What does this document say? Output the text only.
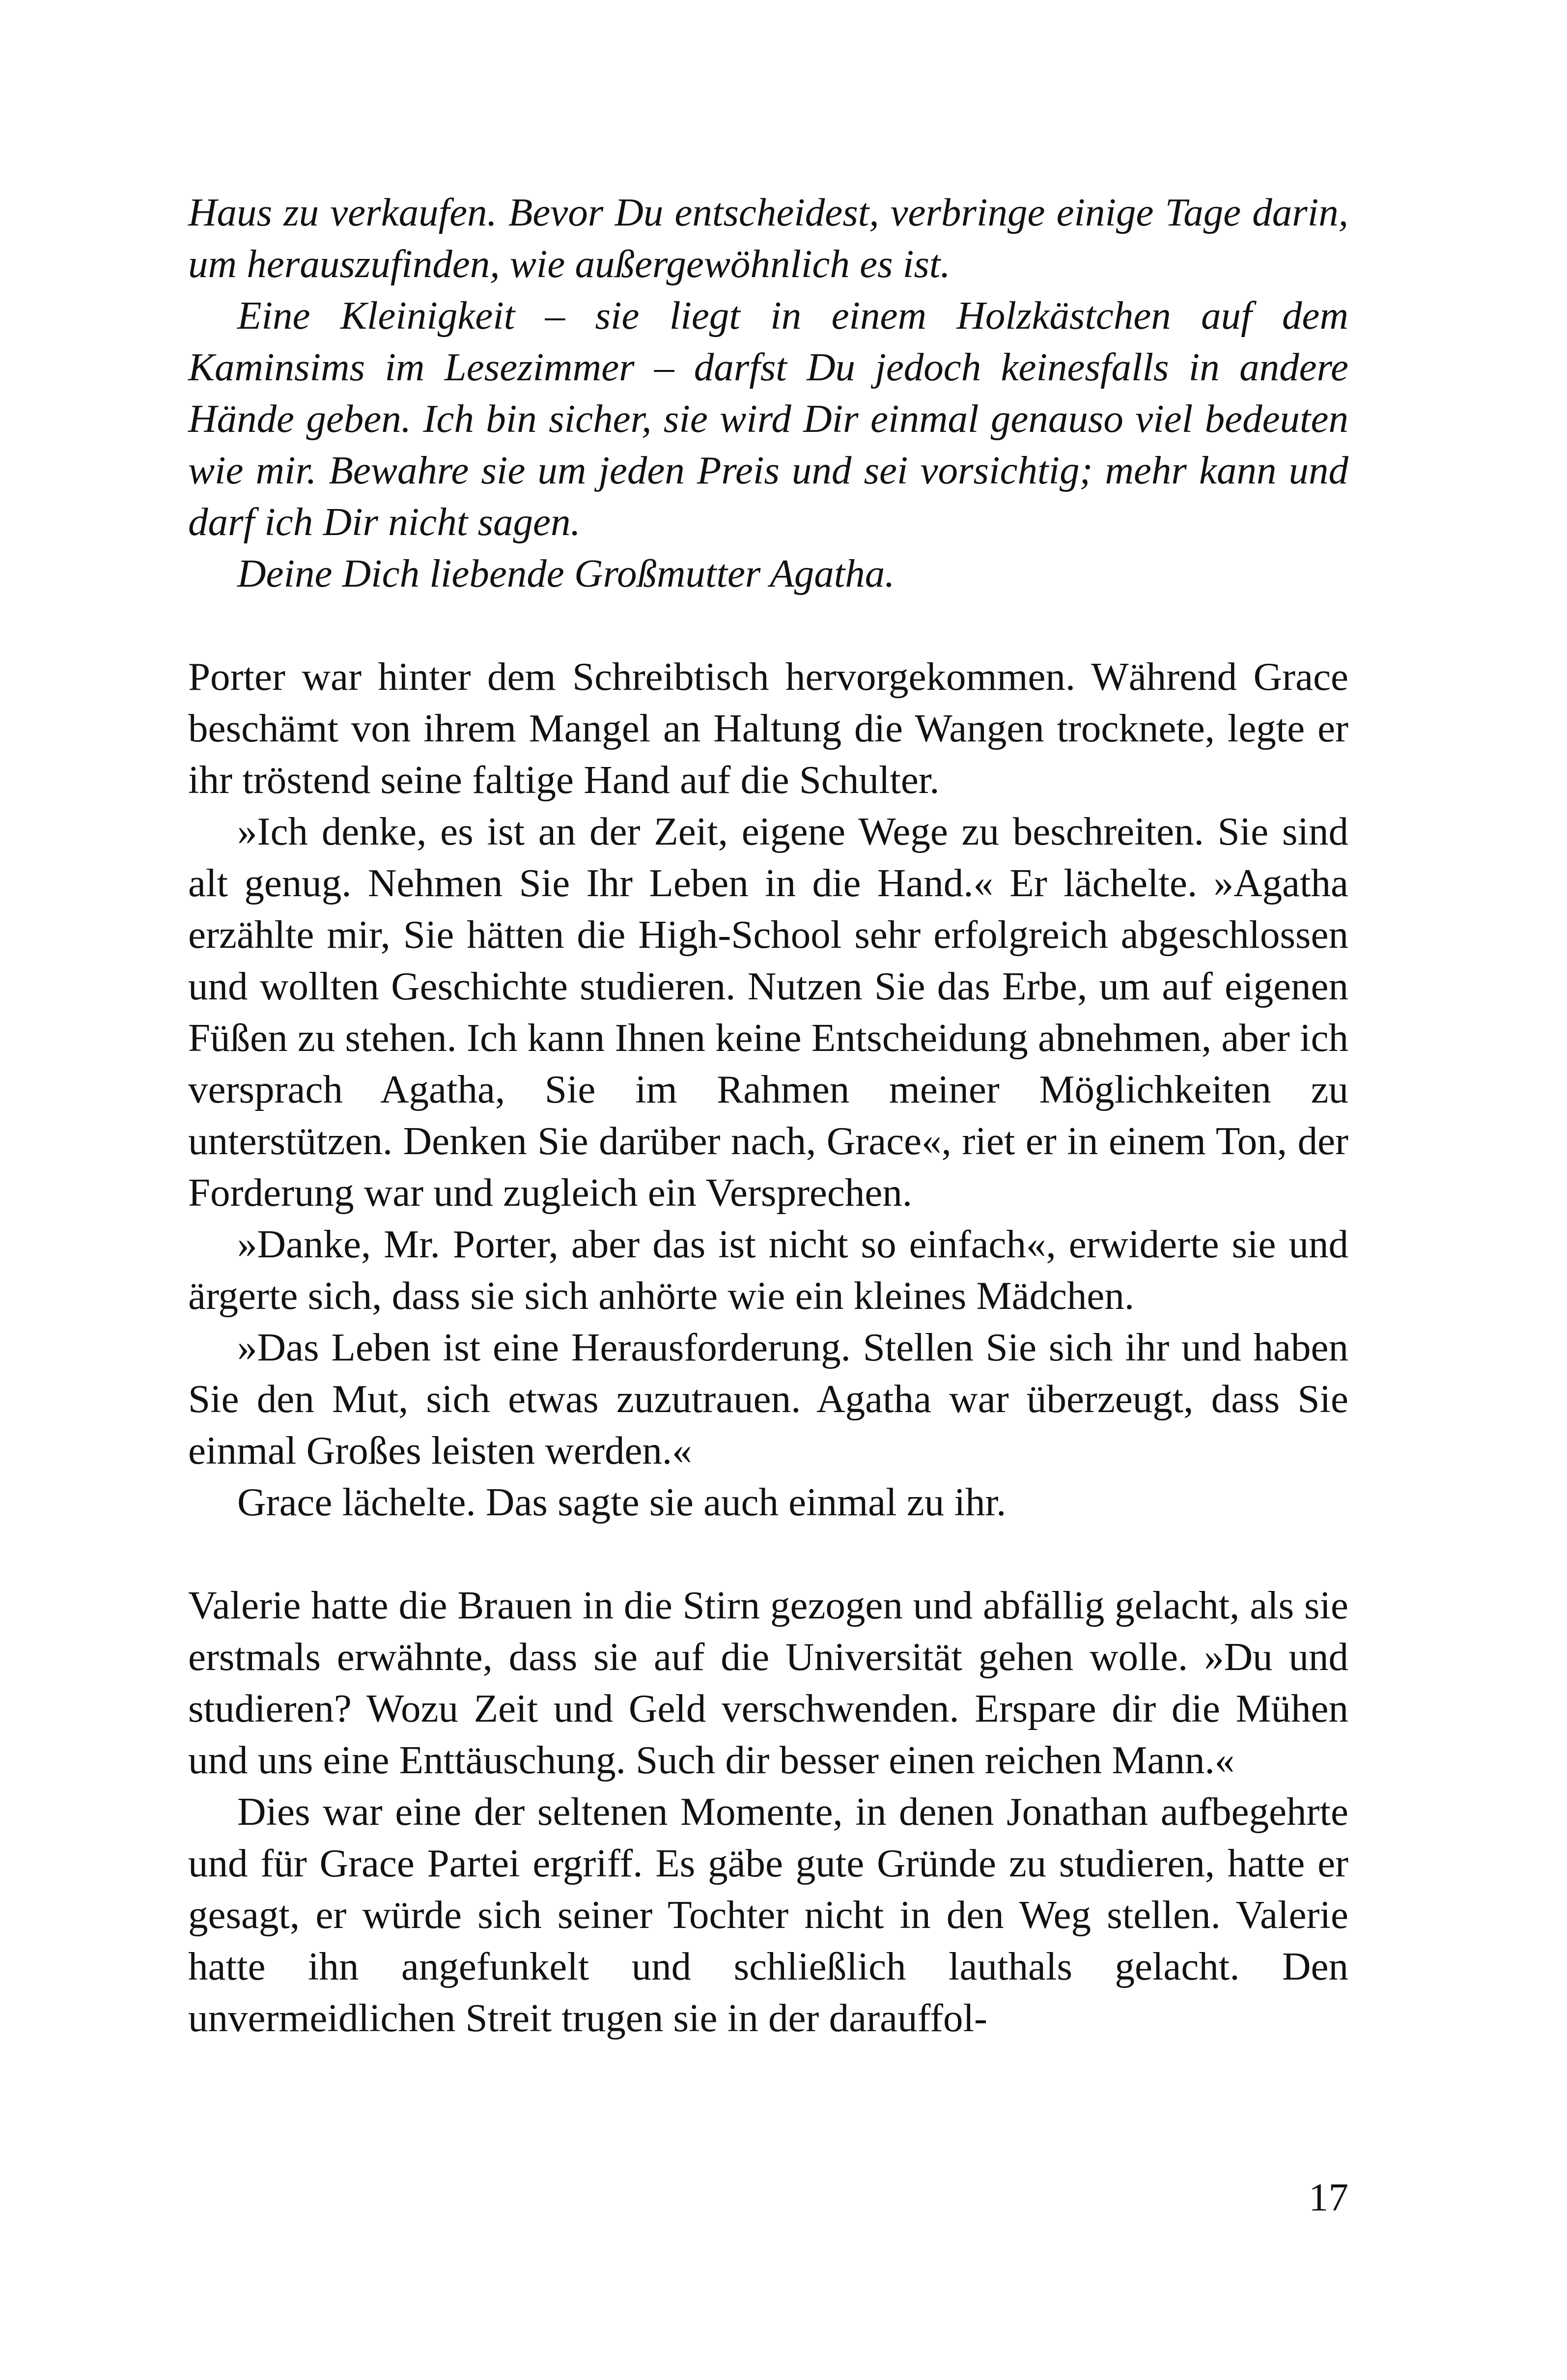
Haus zu verkaufen. Bevor Du entscheidest, verbringe einige Tage darin, um herauszufinden, wie außergewöhnlich es ist.

Eine Kleinigkeit – sie liegt in einem Holzkästchen auf dem Kaminsims im Lesezimmer – darfst Du jedoch keinesfalls in andere Hände geben. Ich bin sicher, sie wird Dir einmal genauso viel bedeuten wie mir. Bewahre sie um jeden Preis und sei vorsichtig; mehr kann und darf ich Dir nicht sagen.

Deine Dich liebende Großmutter Agatha.

Porter war hinter dem Schreibtisch hervorgekommen. Während Grace beschämt von ihrem Mangel an Haltung die Wangen trocknete, legte er ihr tröstend seine faltige Hand auf die Schulter.

»Ich denke, es ist an der Zeit, eigene Wege zu beschreiten. Sie sind alt genug. Nehmen Sie Ihr Leben in die Hand.« Er lächelte. »Agatha erzählte mir, Sie hätten die High-School sehr erfolgreich abgeschlossen und wollten Geschichte studieren. Nutzen Sie das Erbe, um auf eigenen Füßen zu stehen. Ich kann Ihnen keine Entscheidung abnehmen, aber ich versprach Agatha, Sie im Rahmen meiner Möglichkeiten zu unterstützen. Denken Sie darüber nach, Grace«, riet er in einem Ton, der Forderung war und zugleich ein Versprechen.

»Danke, Mr. Porter, aber das ist nicht so einfach«, erwiderte sie und ärgerte sich, dass sie sich anhörte wie ein kleines Mädchen.

»Das Leben ist eine Herausforderung. Stellen Sie sich ihr und haben Sie den Mut, sich etwas zuzutrauen. Agatha war überzeugt, dass Sie einmal Großes leisten werden.«

Grace lächelte. Das sagte sie auch einmal zu ihr.

Valerie hatte die Brauen in die Stirn gezogen und abfällig gelacht, als sie erstmals erwähnte, dass sie auf die Universität gehen wolle. »Du und studieren? Wozu Zeit und Geld verschwenden. Erspare dir die Mühen und uns eine Enttäuschung. Such dir besser einen reichen Mann.«

Dies war eine der seltenen Momente, in denen Jonathan aufbegehrte und für Grace Partei ergriff. Es gäbe gute Gründe zu studieren, hatte er gesagt, er würde sich seiner Tochter nicht in den Weg stellen. Valerie hatte ihn angefunkelt und schließlich lauthals gelacht. Den unvermeidlichen Streit trugen sie in der darauffol-

17
